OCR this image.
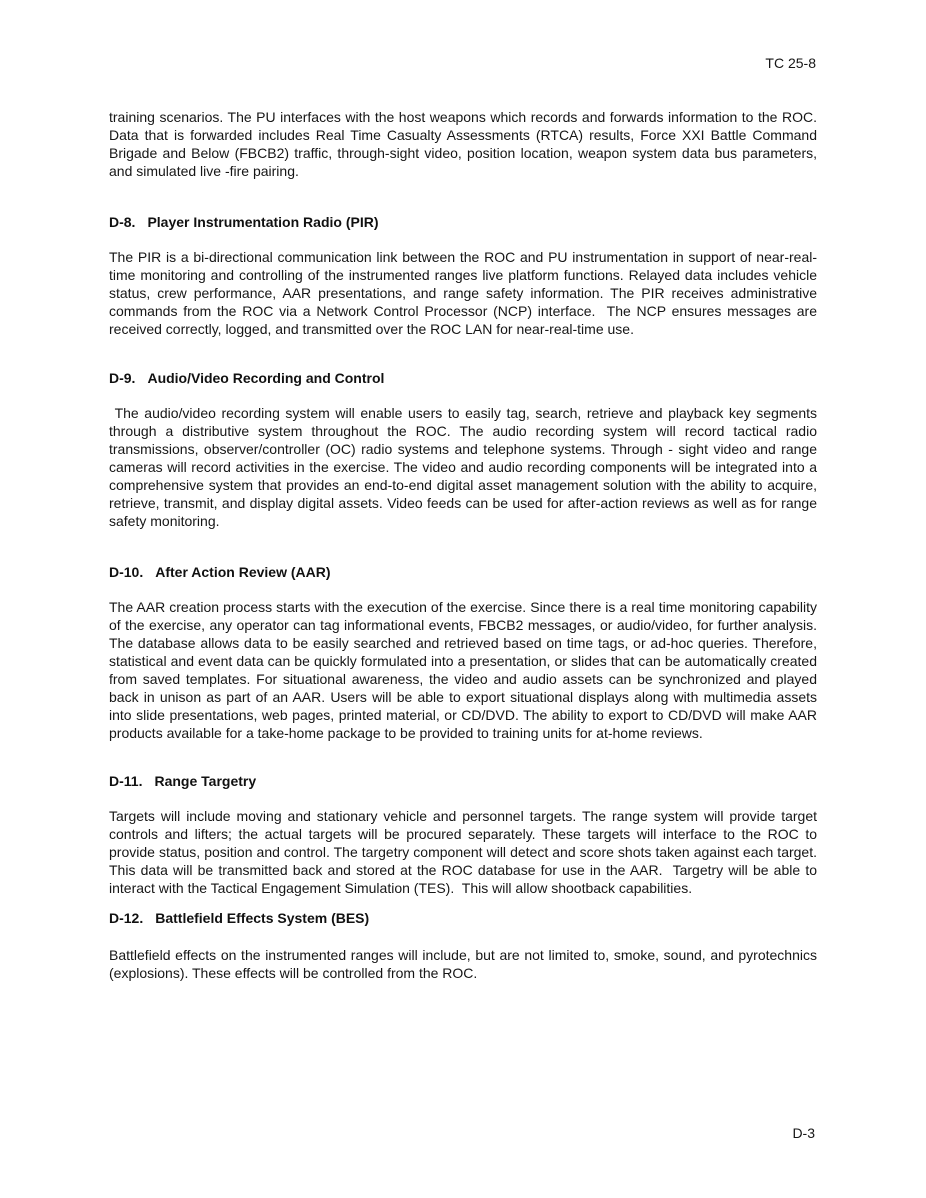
TC 25-8

training scenarios. The PU interfaces with the host weapons which records and forwards information to the ROC. Data that is forwarded includes Real Time Casualty Assessments (RTCA) results, Force XXI Battle Command Brigade and Below (FBCB2) traffic, through-sight video, position location, weapon system data bus parameters, and simulated live -fire pairing.

D-8. Player Instrumentation Radio (PIR)

The PIR is a bi-directional communication link between the ROC and PU instrumentation in support of near-real-time monitoring and controlling of the instrumented ranges live platform functions. Relayed data includes vehicle status, crew performance, AAR presentations, and range safety information. The PIR receives administrative commands from the ROC via a Network Control Processor (NCP) interface.  The NCP ensures messages are received correctly, logged, and transmitted over the ROC LAN for near-real-time use.

D-9. Audio/Video Recording and Control

The audio/video recording system will enable users to easily tag, search, retrieve and playback key segments through a distributive system throughout the ROC. The audio recording system will record tactical radio transmissions, observer/controller (OC) radio systems and telephone systems. Through - sight video and range cameras will record activities in the exercise. The video and audio recording components will be integrated into a comprehensive system that provides an end-to-end digital asset management solution with the ability to acquire, retrieve, transmit, and display digital assets. Video feeds can be used for after-action reviews as well as for range safety monitoring.

D-10. After Action Review (AAR)

The AAR creation process starts with the execution of the exercise. Since there is a real time monitoring capability of the exercise, any operator can tag informational events, FBCB2 messages, or audio/video, for further analysis. The database allows data to be easily searched and retrieved based on time tags, or ad-hoc queries. Therefore, statistical and event data can be quickly formulated into a presentation, or slides that can be automatically created from saved templates. For situational awareness, the video and audio assets can be synchronized and played back in unison as part of an AAR. Users will be able to export situational displays along with multimedia assets into slide presentations, web pages, printed material, or CD/DVD. The ability to export to CD/DVD will make AAR products available for a take-home package to be provided to training units for at-home reviews.

D-11. Range Targetry

Targets will include moving and stationary vehicle and personnel targets. The range system will provide target controls and lifters; the actual targets will be procured separately. These targets will interface to the ROC to provide status, position and control. The targetry component will detect and score shots taken against each target. This data will be transmitted back and stored at the ROC database for use in the AAR.  Targetry will be able to interact with the Tactical Engagement Simulation (TES).  This will allow shootback capabilities.

D-12. Battlefield Effects System (BES)

Battlefield effects on the instrumented ranges will include, but are not limited to, smoke, sound, and pyrotechnics (explosions). These effects will be controlled from the ROC.

D-3
